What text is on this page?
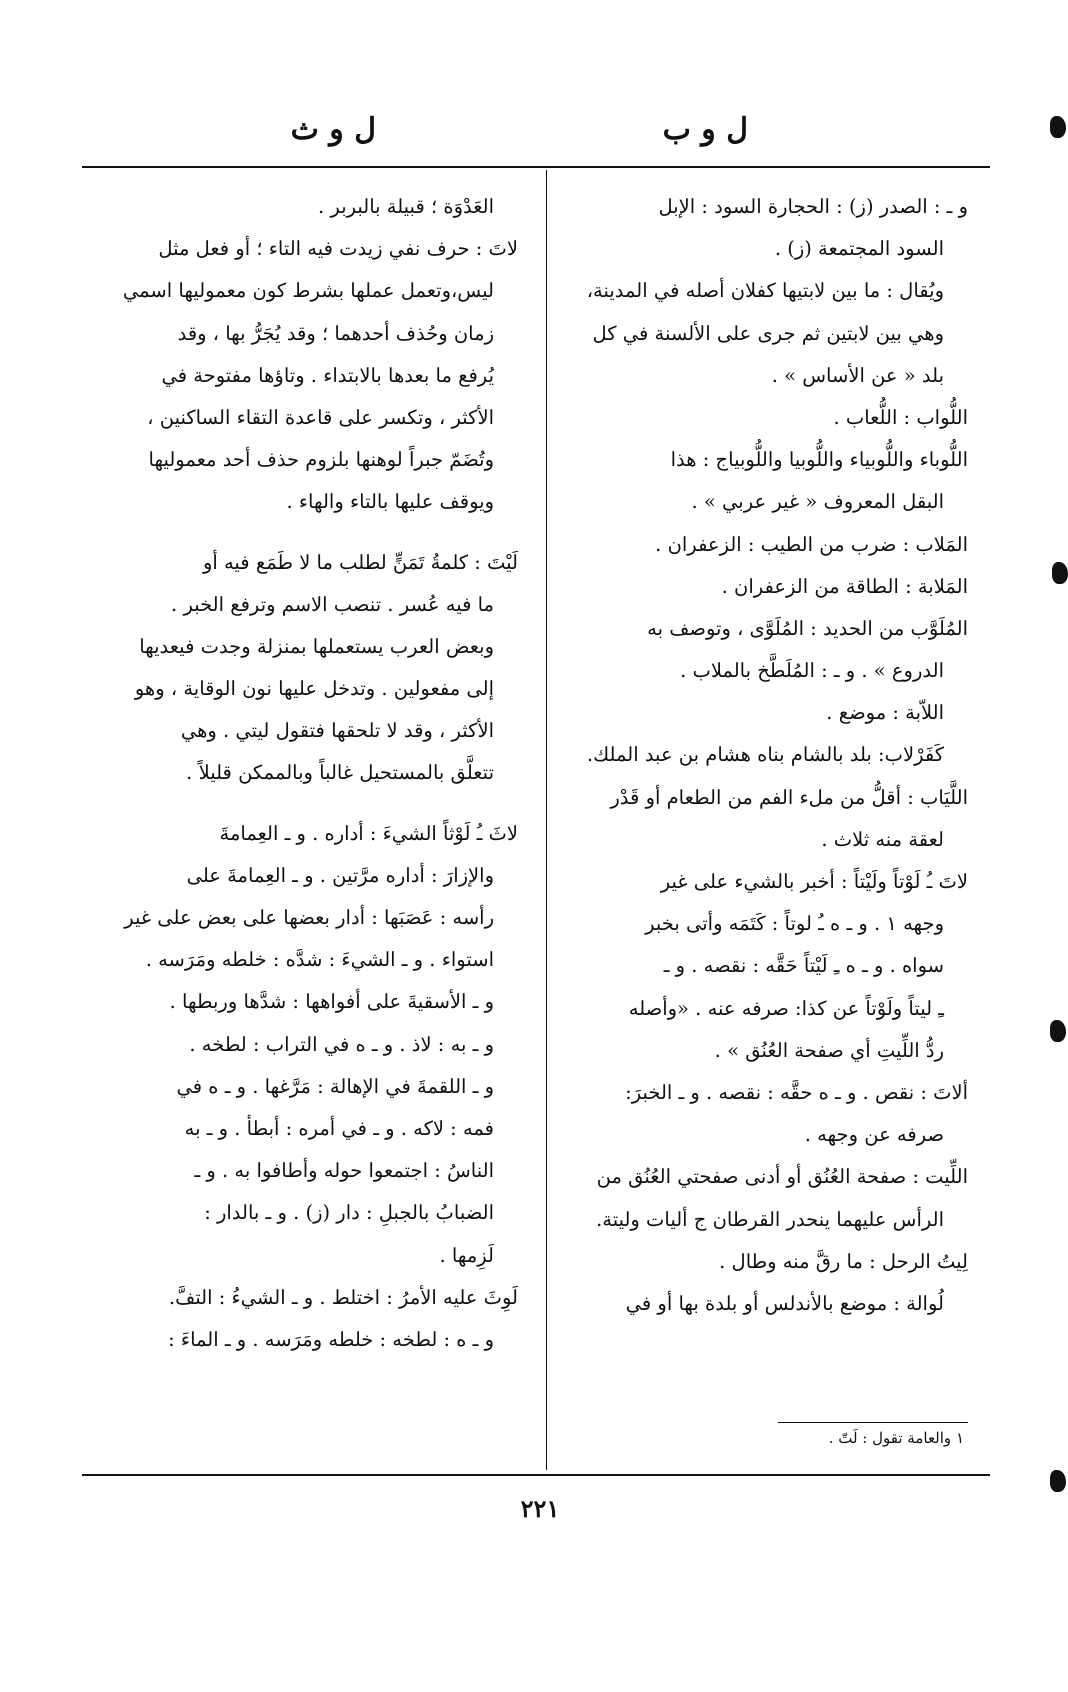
ل و ب
ل و ث
و ـ : الصدر (ز) : الحجارة السود : الإبل
السود المجتمعة (ز) .
ويُقال : ما بين لابتيها كفلان أصله في المدينة،
وهي بين لابتين ثم جرى على الألسنة في كل
بلد « عن الأساس » .
اللُّواب : اللُّعاب .
اللُّوباء واللُّوبياء واللُّوبيا واللُّوبياج : هذا
البقل المعروف « غير عربي » .
المَلاب : ضرب من الطيب : الزعفران .
المَلابة : الطاقة من الزعفران .
المُلَوَّب من الحديد : المُلَوَّى ، وتوصف به
الدروع » . و ـ : المُلَطَّخ بالملاب .
اللاّبة : موضع .
كَفَرْلاب: بلد بالشام بناه هشام بن عبد الملك.
اللَّيَاب : أقلُّ من ملء الفم من الطعام أو قَدْر
لعقة منه ثلاث .
لاتَ ـُ لَوْتاً ولَيْتاً : أخبر بالشيء على غير
وجهه ١ . و ـ ه ـُ لوتاً : كَتَمَه وأتى بخبر
سواه . و ـ ه ـِ لَيْتاً حَقَّه : نقصه . و ـ
ـِ ليتاً ولَوْتاً عن كذا: صرفه عنه . «وأصله
ردُّ اللِّيتِ أي صفحة العُنُق » .
ألاتَ : نقص . و ـ ه حقَّه : نقصه . و ـ الخبرَ:
صرفه عن وجهه .
اللِّيت : صفحة العُنُق أو أدنى صفحتي العُنُق من
الرأس عليهما ينحدر القرطان ج أليات وليتة.
لِيتُ الرحل : ما رقَّ منه وطال .
لُوالة : موضع بالأندلس أو بلدة بها أو في
العَدْوَة ؛ قبيلة بالبربر .
لاتَ : حرف نفي زيدت فيه التاء ؛ أو فعل مثل
ليس،وتعمل عملها بشرط كون معموليها اسمي
زمان وحُذف أحدهما ؛ وقد يُجَرُّ بها ، وقد
يُرفع ما بعدها بالابتداء . وتاؤها مفتوحة في
الأكثر ، وتكسر على قاعدة التقاء الساكنين ،
وتُضَمّ جبراً لوهنها بلزوم حذف أحد معموليها
ويوقف عليها بالتاء والهاء .
لَيْتَ : كلمةُ تَمَنٍّ لطلب ما لا طَمَع فيه أو
ما فيه عُسر . تنصب الاسم وترفع الخبر .
وبعض العرب يستعملها بمنزلة وجدت فيعديها
إلى مفعولين . وتدخل عليها نون الوقاية ، وهو
الأكثر ، وقد لا تلحقها فتقول ليتي . وهي
تتعلَّق بالمستحيل غالباً وبالممكن قليلاً .
لاثَ ـُ لَوْثاً الشيءَ : أداره . و ـ العِمامةَ
والإزارَ : أداره مرَّتين . و ـ العِمامةَ على
رأسه : عَصَبَها : أدار بعضها على بعض على غير
استواء . و ـ الشيءَ : شدَّه : خلطه ومَرَسه .
و ـ الأسقيةَ على أفواهها : شدَّها وربطها .
و ـ به : لاذ . و ـ ه في التراب : لطخه .
و ـ اللقمةَ في الإهالة : مَرَّغها . و ـ ه في
فمه : لاكه . و ـ في أمره : أبطأ . و ـ به
الناسُ : اجتمعوا حوله وأطافوا به . و ـ
الضبابُ بالجبلِ : دار (ز) . و ـ بالدار :
لَزِمها .
لَوِثَ عليه الأمرُ : اختلط . و ـ الشيءُ : التفَّ.
و ـ ه : لطخه : خلطه ومَرَسه . و ـ الماءَ :
١ والعامة تقول : لَتّ .
٢٢١
